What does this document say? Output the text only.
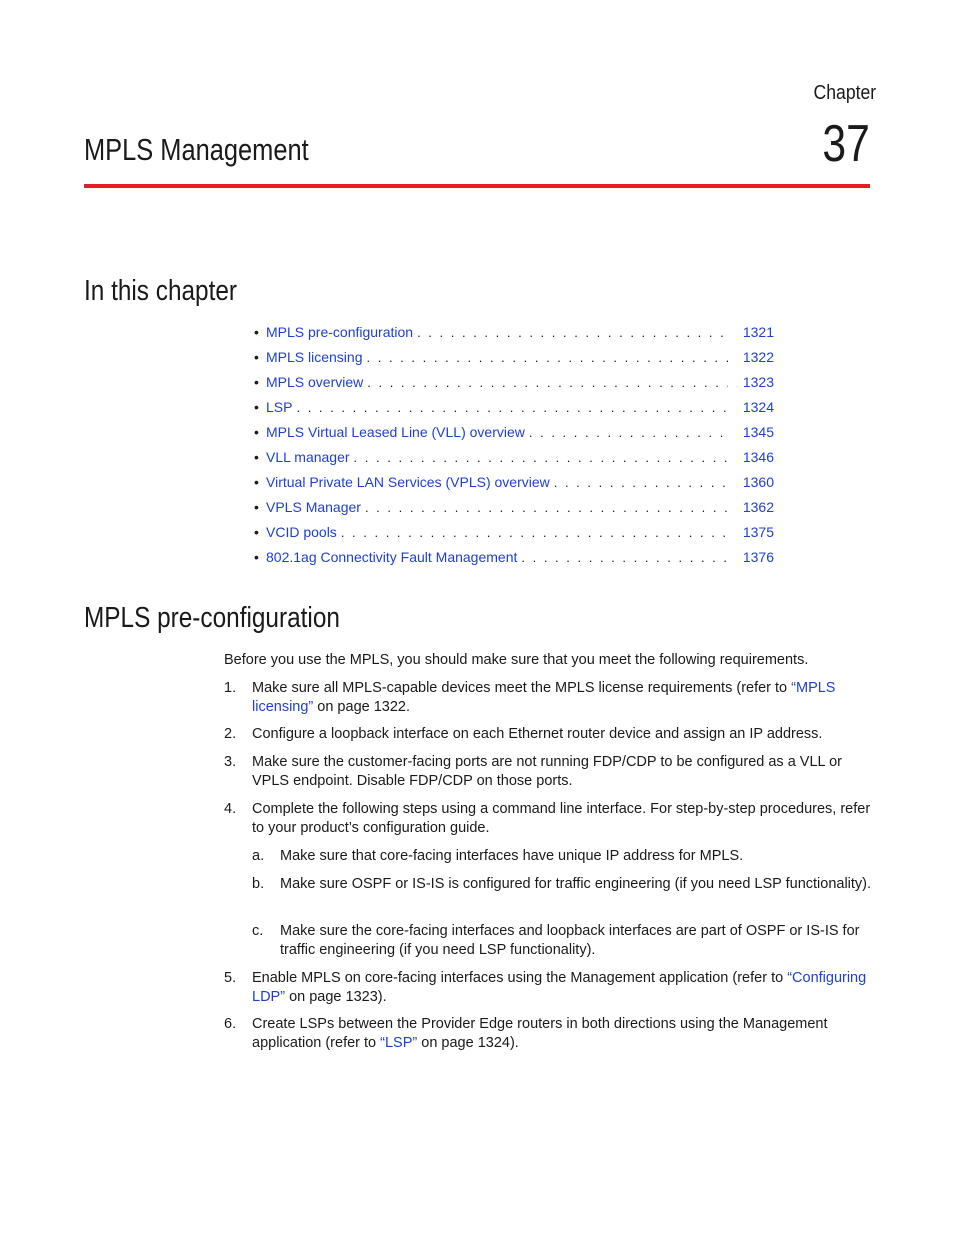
Chapter
37
MPLS Management
In this chapter
• MPLS pre-configuration . . .	1321
• MPLS licensing . . .	1322
• MPLS overview . . .	1323
• LSP . . .	1324
• MPLS Virtual Leased Line (VLL) overview . . .	1345
• VLL manager . . .	1346
• Virtual Private LAN Services (VPLS) overview . . .	1360
• VPLS Manager . . .	1362
• VCID pools . . .	1375
• 802.1ag Connectivity Fault Management . . .	1376
MPLS pre-configuration

Before you use the MPLS, you should make sure that you meet the following requirements.

1. Make sure all MPLS-capable devices meet the MPLS license requirements (refer to “MPLS licensing” on page 1322.
2. Configure a loopback interface on each Ethernet router device and assign an IP address.
3. Make sure the customer-facing ports are not running FDP/CDP to be configured as a VLL or VPLS endpoint. Disable FDP/CDP on those ports.
4. Complete the following steps using a command line interface. For step-by-step procedures, refer to your product’s configuration guide.
a. Make sure that core-facing interfaces have unique IP address for MPLS.
b. Make sure OSPF or IS-IS is configured for traffic engineering (if you need LSP functionality).
c. Make sure the core-facing interfaces and loopback interfaces are part of OSPF or IS-IS for traffic engineering (if you need LSP functionality).
5. Enable MPLS on core-facing interfaces using the Management application (refer to “Configuring LDP” on page 1323).
6. Create LSPs between the Provider Edge routers in both directions using the Management application (refer to “LSP” on page 1324).
